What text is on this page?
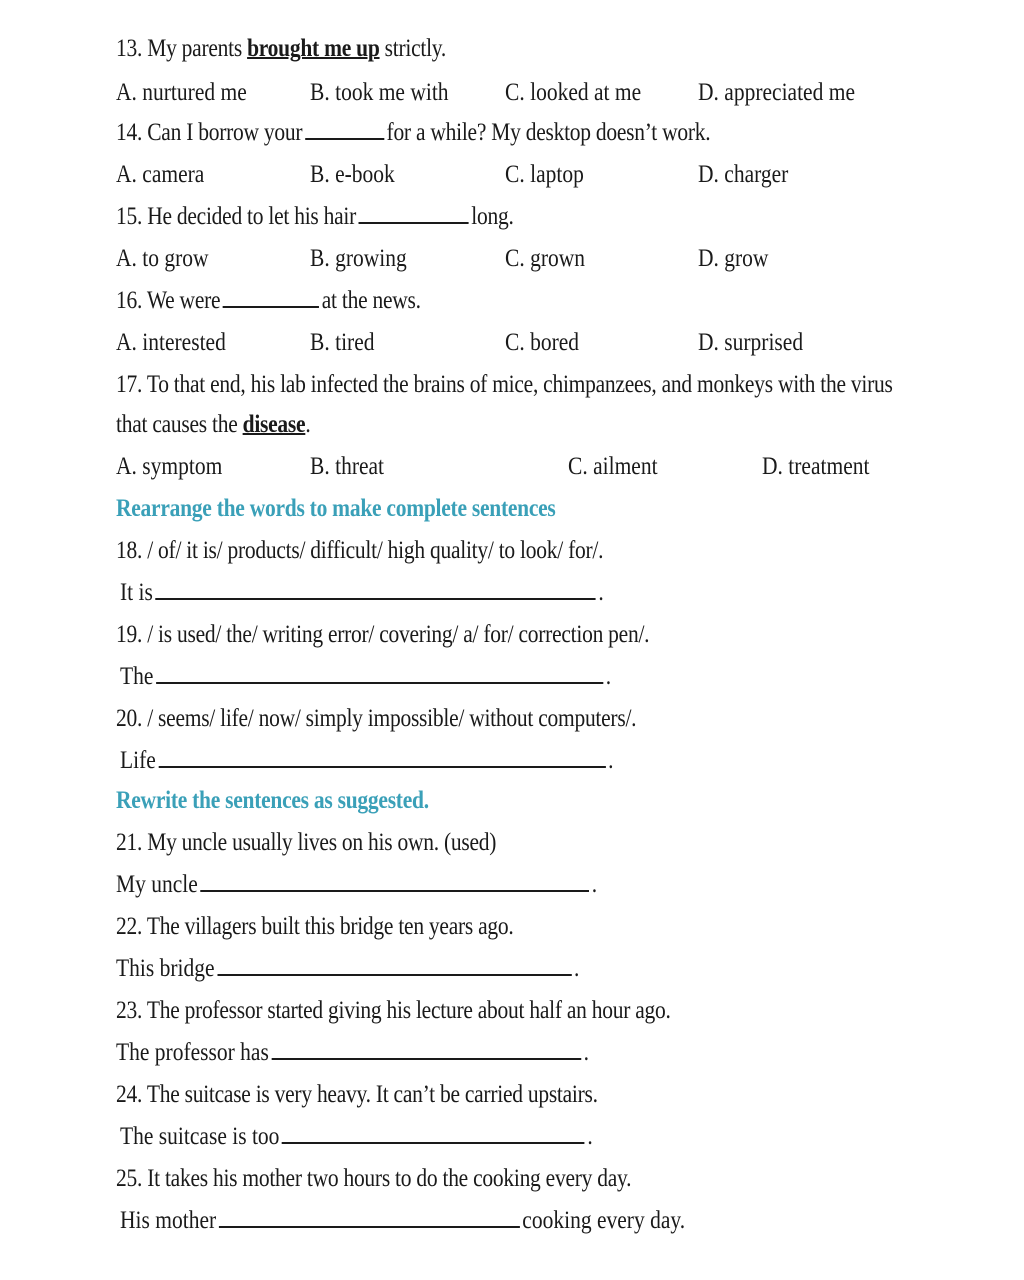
13. My parents brought me up strictly.
A. nurtured me	B. took me with C. looked at me D. appreciated me
14. Can I borrow your	for a while? My desktop doesn’t work.
A. camera	B. e-book	C. laptop	D. charger
15. He decided to let his hair	long.
A. to grow	B. growing	C. grown	D. grow
16. We were	at the news.
A. interested	B. tired	C. bored	D. surprised
17. To that end, his lab infected the brains of mice, chimpanzees, and monkeys with the virus
that causes the disease.
A. symptom	B. threat	C. ailment	D. treatment
Rearrange the words to make complete sentences
18. / of/ it is/ products/ difficult/ high quality/ to look/ for/.
It is	.
19. / is used/ the/ writing error/ covering/ a/ for/ correction pen/.
The	.
20. / seems/ life/ now/ simply impossible/ without computers/.
Life	.
Rewrite the sentences as suggested.
21. My uncle usually lives on his own. (used)
My uncle	.
22. The villagers built this bridge ten years ago.
This bridge	.
23. The professor started giving his lecture about half an hour ago.
The professor has	.
24. The suitcase is very heavy. It can’t be carried upstairs.
The suitcase is too	.
25. It takes his mother two hours to do the cooking every day.
His mother	cooking every day.
